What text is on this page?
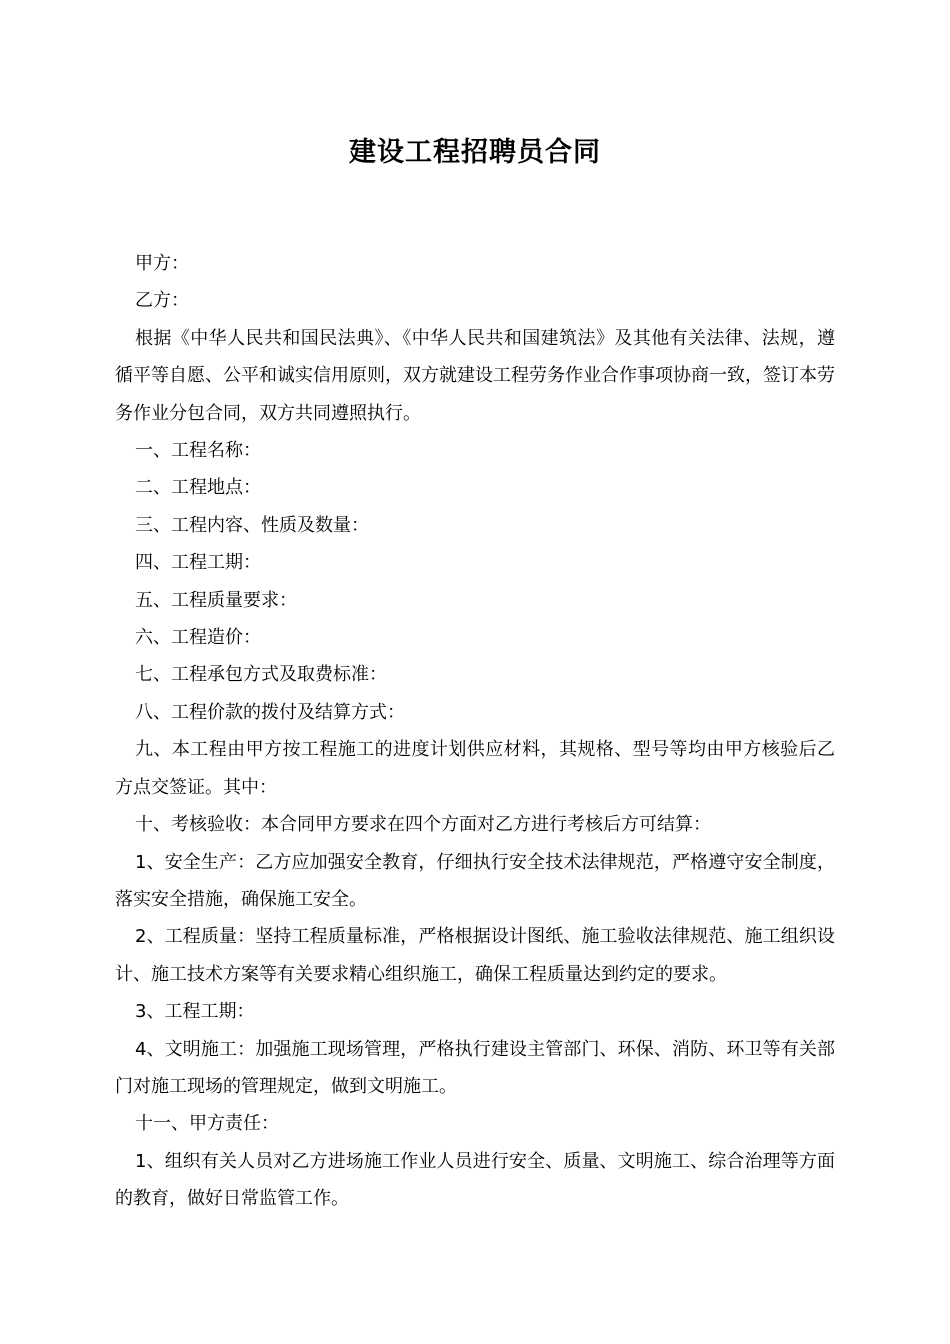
建设工程招聘员合同

甲方：

乙方：

根据《中华人民共和国民法典》、《中华人民共和国建筑法》及其他有关法律、法规，遵循平等自愿、公平和诚实信用原则，双方就建设工程劳务作业合作事项协商一致，签订本劳务作业分包合同，双方共同遵照执行。

一、工程名称：

二、工程地点：

三、工程内容、性质及数量：

四、工程工期：

五、工程质量要求：

六、工程造价：

七、工程承包方式及取费标准：

八、工程价款的拨付及结算方式：

九、本工程由甲方按工程施工的进度计划供应材料，其规格、型号等均由甲方核验后乙方点交签证。其中：

十、考核验收：本合同甲方要求在四个方面对乙方进行考核后方可结算：

1、安全生产：乙方应加强安全教育，仔细执行安全技术法律规范，严格遵守安全制度，落实安全措施，确保施工安全。

2、工程质量：坚持工程质量标准，严格根据设计图纸、施工验收法律规范、施工组织设计、施工技术方案等有关要求精心组织施工，确保工程质量达到约定的要求。

3、工程工期：

4、文明施工：加强施工现场管理，严格执行建设主管部门、环保、消防、环卫等有关部门对施工现场的管理规定，做到文明施工。

十一、甲方责任：

1、组织有关人员对乙方进场施工作业人员进行安全、质量、文明施工、综合治理等方面的教育，做好日常监管工作。
